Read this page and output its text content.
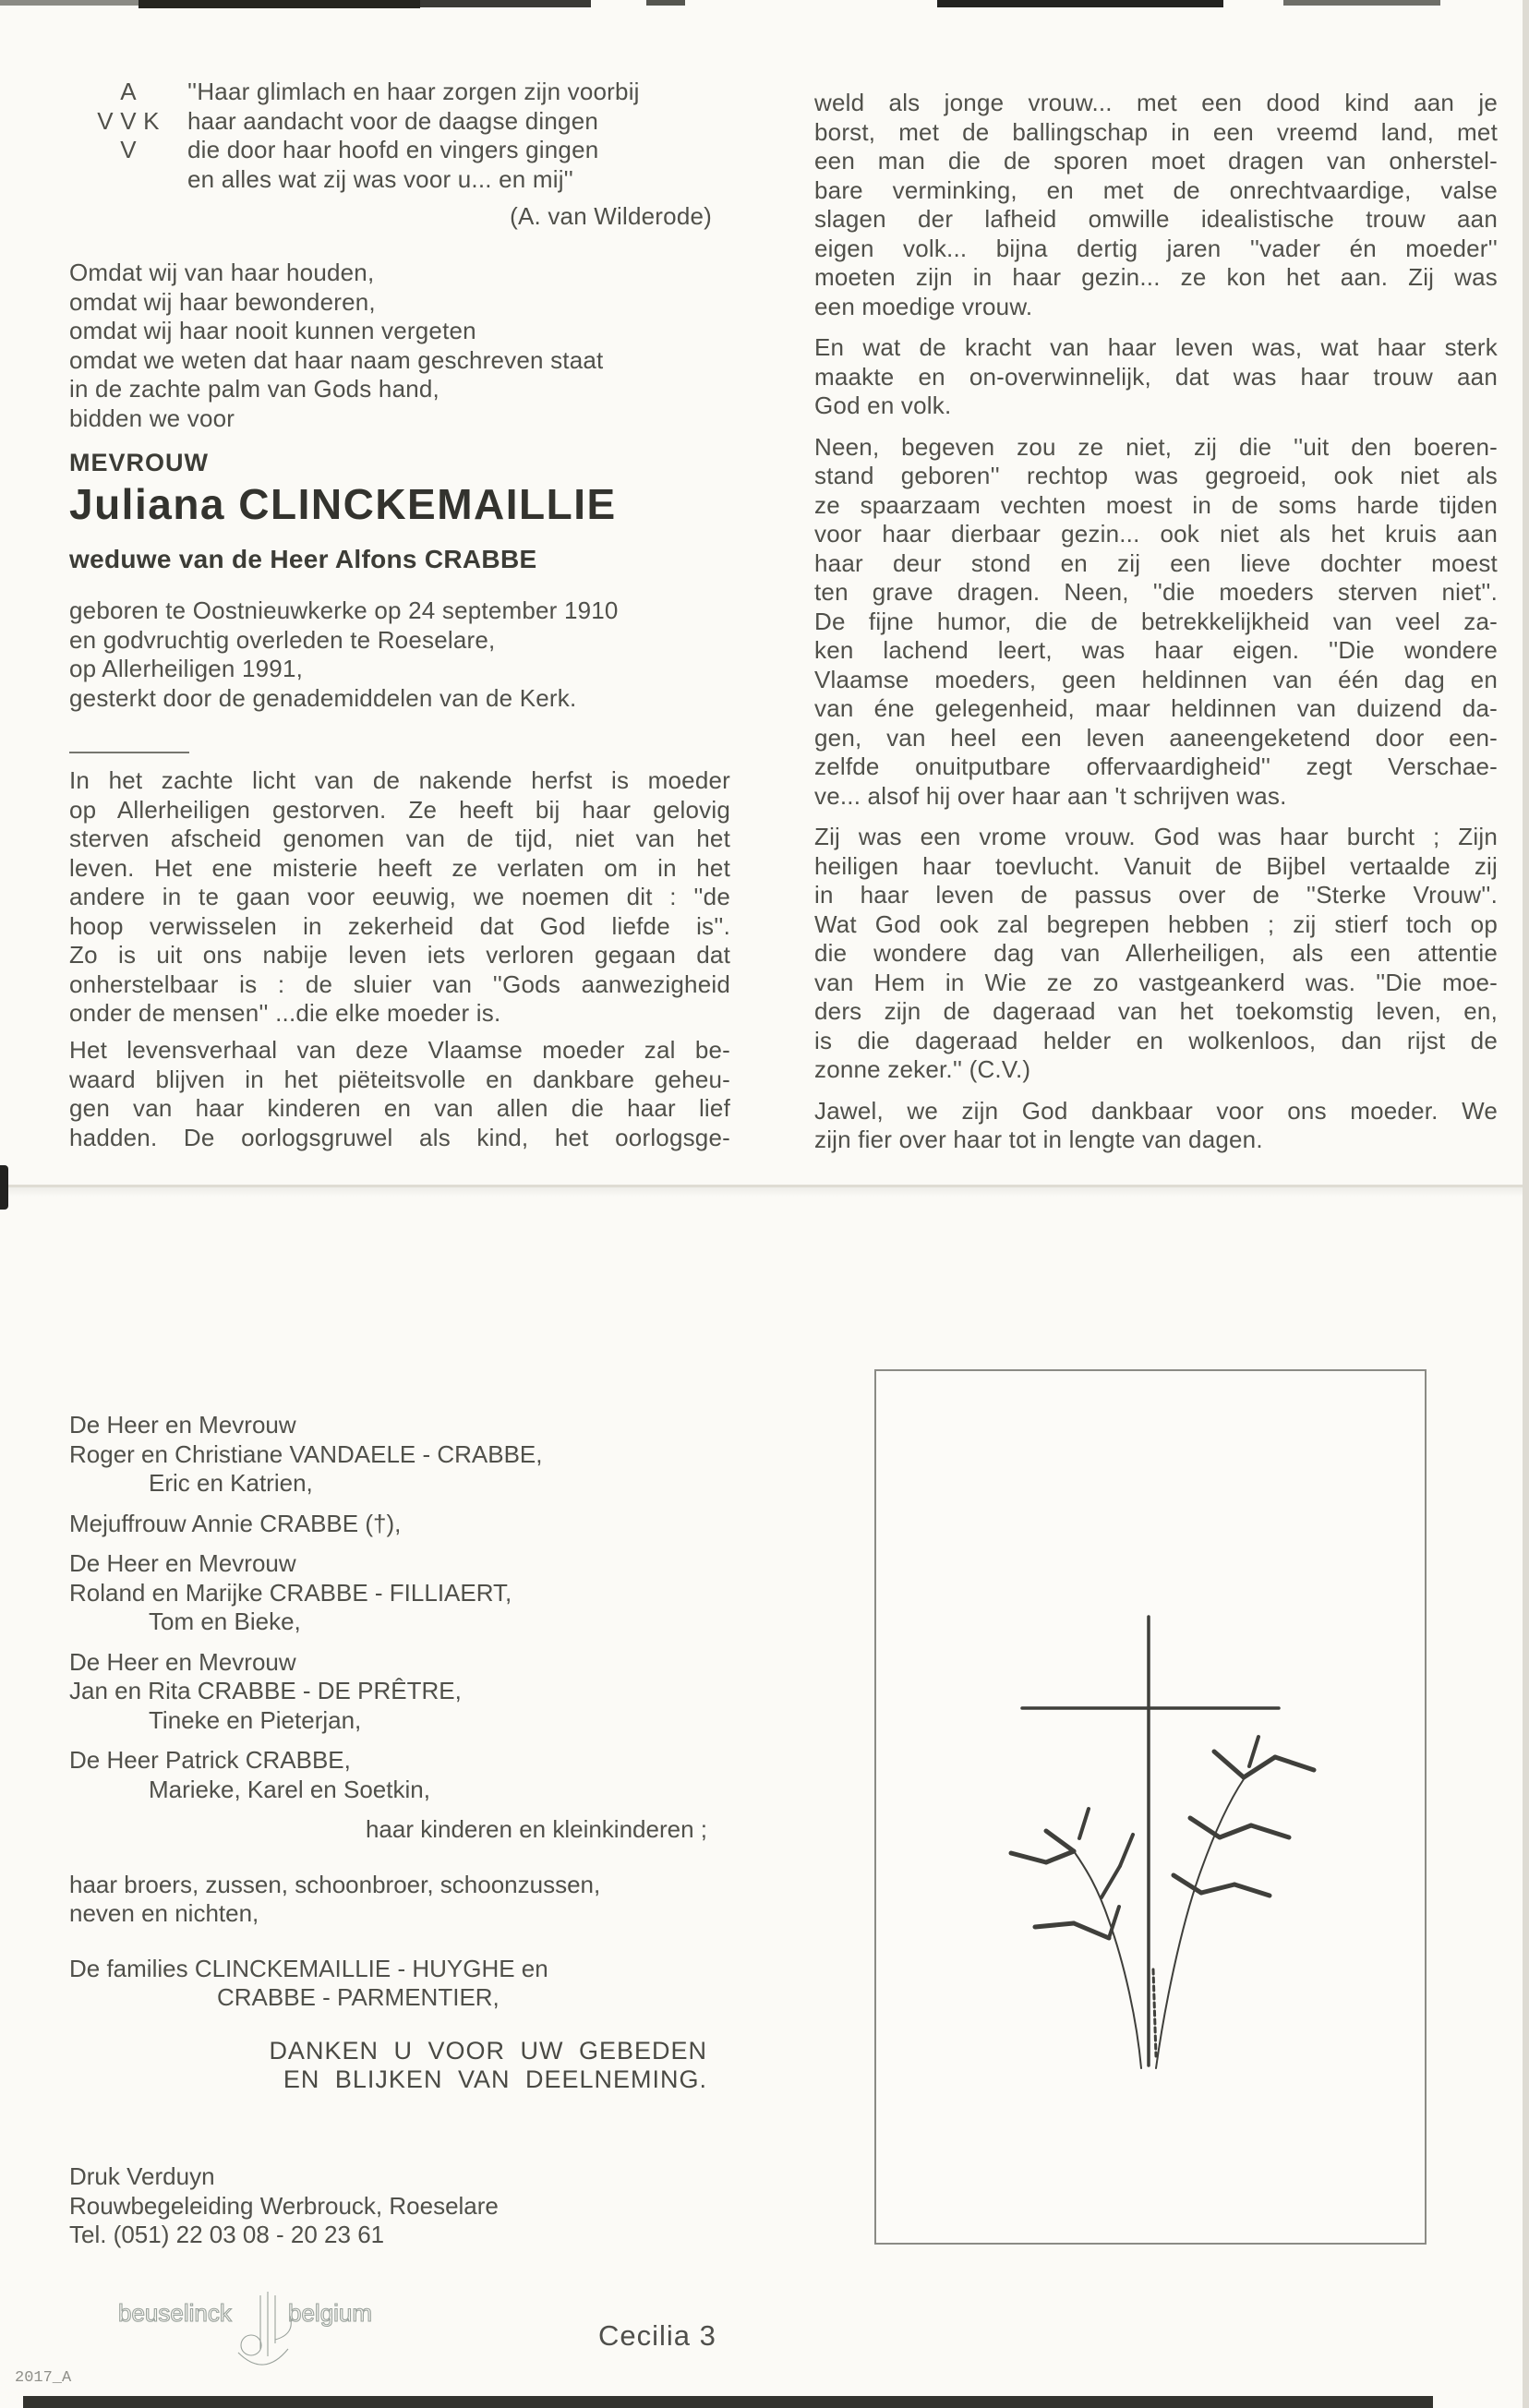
A
V V K
V
''Haar glimlach en haar zorgen zijn voorbij
haar aandacht voor de daagse dingen
die door haar hoofd en vingers gingen
en alles wat zij was voor u... en mij''
(A. van Wilderode)
Omdat wij van haar houden,
omdat wij haar bewonderen,
omdat wij haar nooit kunnen vergeten
omdat we weten dat haar naam geschreven staat
in de zachte palm van Gods hand,
bidden we voor
MEVROUW
Juliana CLINCKEMAILLIE
weduwe van de Heer Alfons CRABBE
geboren te Oostnieuwkerke op 24 september 1910
en godvruchtig overleden te Roeselare,
op Allerheiligen 1991,
gesterkt door de genademiddelen van de Kerk.
In het zachte licht van de nakende herfst is moeder
op Allerheiligen gestorven. Ze heeft bij haar gelovig
sterven afscheid genomen van de tijd, niet van het
leven. Het ene misterie heeft ze verlaten om in het
andere in te gaan voor eeuwig, we noemen dit : ''de
hoop verwisselen in zekerheid dat God liefde is''.
Zo is uit ons nabije leven iets verloren gegaan dat
onherstelbaar is : de sluier van ''Gods aanwezigheid
onder de mensen'' ...die elke moeder is.
Het levensverhaal van deze Vlaamse moeder zal be-
waard blijven in het piëteitsvolle en dankbare geheu-
gen van haar kinderen en van allen die haar lief
hadden. De oorlogsgruwel als kind, het oorlogsge-
weld als jonge vrouw... met een dood kind aan je
borst, met de ballingschap in een vreemd land, met
een man die de sporen moet dragen van onherstel-
bare verminking, en met de onrechtvaardige, valse
slagen der lafheid omwille idealistische trouw aan
eigen volk... bijna dertig jaren ''vader én moeder''
moeten zijn in haar gezin... ze kon het aan. Zij was
een moedige vrouw.
En wat de kracht van haar leven was, wat haar sterk
maakte en on-overwinnelijk, dat was haar trouw aan
God en volk.
Neen, begeven zou ze niet, zij die ''uit den boeren-
stand geboren'' rechtop was gegroeid, ook niet als
ze spaarzaam vechten moest in de soms harde tijden
voor haar dierbaar gezin... ook niet als het kruis aan
haar deur stond en zij een lieve dochter moest
ten grave dragen. Neen, ''die moeders sterven niet''.
De fijne humor, die de betrekkelijkheid van veel za-
ken lachend leert, was haar eigen. ''Die wondere
Vlaamse moeders, geen heldinnen van één dag en
van éne gelegenheid, maar heldinnen van duizend da-
gen, van heel een leven aaneengeketend door een-
zelfde onuitputbare offervaardigheid'' zegt Verschae-
ve... alsof hij over haar aan 't schrijven was.
Zij was een vrome vrouw. God was haar burcht ; Zijn
heiligen haar toevlucht. Vanuit de Bijbel vertaalde zij
in haar leven de passus over de ''Sterke Vrouw''.
Wat God ook zal begrepen hebben ; zij stierf toch op
die wondere dag van Allerheiligen, als een attentie
van Hem in Wie ze zo vastgeankerd was. ''Die moe-
ders zijn de dageraad van het toekomstig leven, en,
is die dageraad helder en wolkenloos, dan rijst de
zonne zeker.'' (C.V.)
Jawel, we zijn God dankbaar voor ons moeder. We
zijn fier over haar tot in lengte van dagen.
De Heer en Mevrouw
Roger en Christiane VANDAELE - CRABBE,
Eric en Katrien,
Mejuffrouw Annie CRABBE (†),
De Heer en Mevrouw
Roland en Marijke CRABBE - FILLIAERT,
Tom en Bieke,
De Heer en Mevrouw
Jan en Rita CRABBE - DE PRÊTRE,
Tineke en Pieterjan,
De Heer Patrick CRABBE,
Marieke, Karel en Soetkin,
haar kinderen en kleinkinderen ;
haar broers, zussen, schoonbroer, schoonzussen,
neven en nichten,
De families CLINCKEMAILLIE - HUYGHE en
CRABBE - PARMENTIER,
DANKEN U VOOR UW GEBEDEN
EN BLIJKEN VAN DEELNEMING.
Druk Verduyn
Rouwbegeleiding Werbrouck, Roeselare
Tel. (051) 22 03 08 - 20 23 61
beuselinck belgium
Cecilia 3
2017_A
